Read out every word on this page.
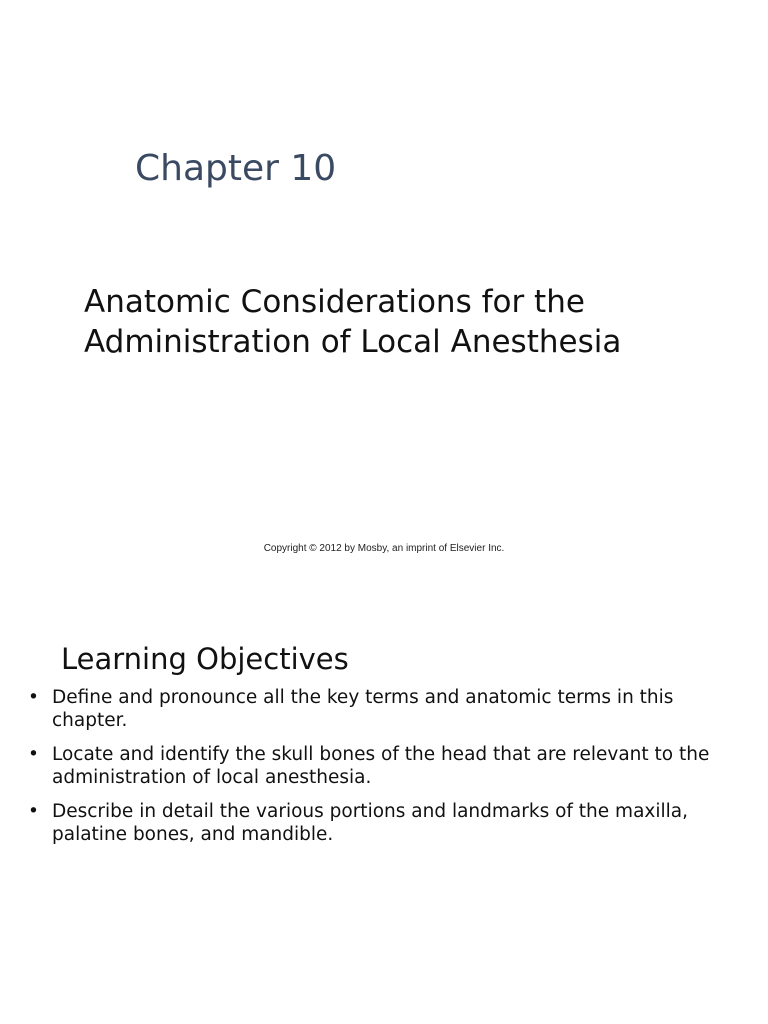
Chapter 10
Anatomic Considerations for the
Administration of Local Anesthesia
Copyright © 2012 by Mosby, an imprint of Elsevier Inc.
Learning Objectives
• Define and pronounce all the key terms and anatomic terms in this
chapter.
• Locate and identify the skull bones of the head that are relevant to the
administration of local anesthesia.
• Describe in detail the various portions and landmarks of the maxilla,
palatine bones, and mandible.
